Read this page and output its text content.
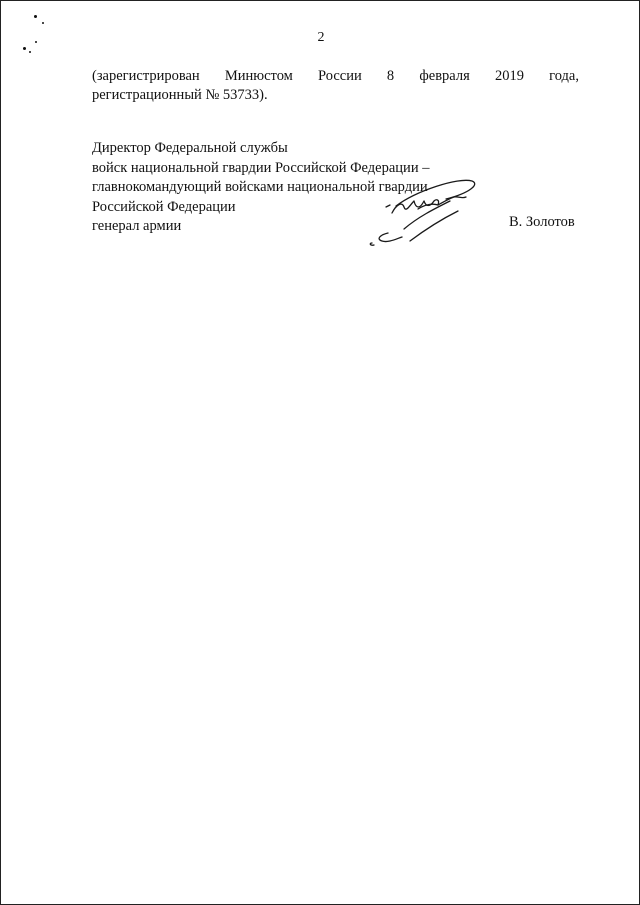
2
(зарегистрирован Минюстом России 8 февраля 2019 года,
регистрационный № 53733).
Директор Федеральной службы
войск национальной гвардии Российской Федерации –
главнокомандующий войсками национальной гвардии
Российской Федерации
генерал армии	В. Золотов
